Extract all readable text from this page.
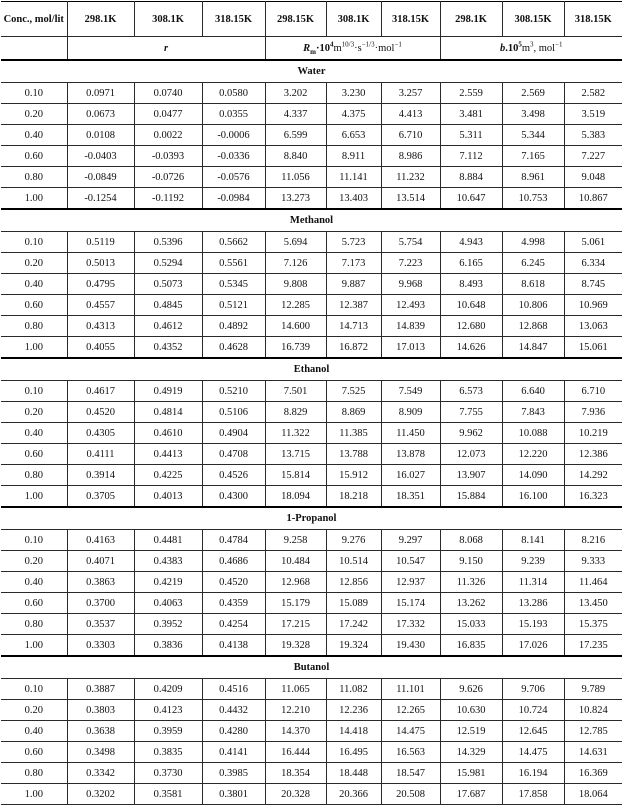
Conc., mol/lit	298.1K	308.1K	318.15K	298.15K	308.1K	318.15K	298.1K	308.15K	318.15K
	r			$R_m\cdot 10^4m^{10/3}\cdot s^{-1/3}\cdot mol^{-1}$			$b.10^5m^3$, mol$^{-1}$
Water									
0.10	0.0971	0.0740	0.0580	3.202	3.230	3.257	2.559	2.569	2.582
0.20	0.0673	0.0477	0.0355	4.337	4.375	4.413	3.481	3.498	3.519
0.40	0.0108	0.0022	-0.0006	6.599	6.653	6.710	5.311	5.344	5.383
0.60	-0.0403	-0.0393	-0.0336	8.840	8.911	8.986	7.112	7.165	7.227
0.80	-0.0849	-0.0726	-0.0576	11.056	11.141	11.232	8.884	8.961	9.048
1.00	-0.1254	-0.1192	-0.0984	13.273	13.403	13.514	10.647	10.753	10.867
Methanol									
0.10	0.5119	0.5396	0.5662	5.694	5.723	5.754	4.943	4.998	5.061
0.20	0.5013	0.5294	0.5561	7.126	7.173	7.223	6.165	6.245	6.334
0.40	0.4795	0.5073	0.5345	9.808	9.887	9.968	8.493	8.618	8.745
0.60	0.4557	0.4845	0.5121	12.285	12.387	12.493	10.648	10.806	10.969
0.80	0.4313	0.4612	0.4892	14.600	14.713	14.839	12.680	12.868	13.063
1.00	0.4055	0.4352	0.4628	16.739	16.872	17.013	14.626	14.847	15.061
Ethanol									
0.10	0.4617	0.4919	0.5210	7.501	7.525	7.549	6.573	6.640	6.710
0.20	0.4520	0.4814	0.5106	8.829	8.869	8.909	7.755	7.843	7.936
0.40	0.4305	0.4610	0.4904	11.322	11.385	11.450	9.962	10.088	10.219
0.60	0.4111	0.4413	0.4708	13.715	13.788	13.878	12.073	12.220	12.386
0.80	0.3914	0.4225	0.4526	15.814	15.912	16.027	13.907	14.090	14.292
1.00	0.3705	0.4013	0.4300	18.094	18.218	18.351	15.884	16.100	16.323
1-Propanol									
0.10	0.4163	0.4481	0.4784	9.258	9.276	9.297	8.068	8.141	8.216
0.20	0.4071	0.4383	0.4686	10.484	10.514	10.547	9.150	9.239	9.333
0.40	0.3863	0.4219	0.4520	12.968	12.856	12.937	11.326	11.314	11.464
0.60	0.3700	0.4063	0.4359	15.179	15.089	15.174	13.262	13.286	13.450
0.80	0.3537	0.3952	0.4254	17.215	17.242	17.332	15.033	15.193	15.375
1.00	0.3303	0.3836	0.4138	19.328	19.324	19.430	16.835	17.026	17.235
Butanol									
0.10	0.3887	0.4209	0.4516	11.065	11.082	11.101	9.626	9.706	9.789
0.20	0.3803	0.4123	0.4432	12.210	12.236	12.265	10.630	10.724	10.824
0.40	0.3638	0.3959	0.4280	14.370	14.418	14.475	12.519	12.645	12.785
0.60	0.3498	0.3835	0.4141	16.444	16.495	16.563	14.329	14.475	14.631
0.80	0.3342	0.3730	0.3985	18.354	18.448	18.547	15.981	16.194	16.369
1.00	0.3202	0.3581	0.3801	20.328	20.366	20.508	17.687	17.858	18.064
